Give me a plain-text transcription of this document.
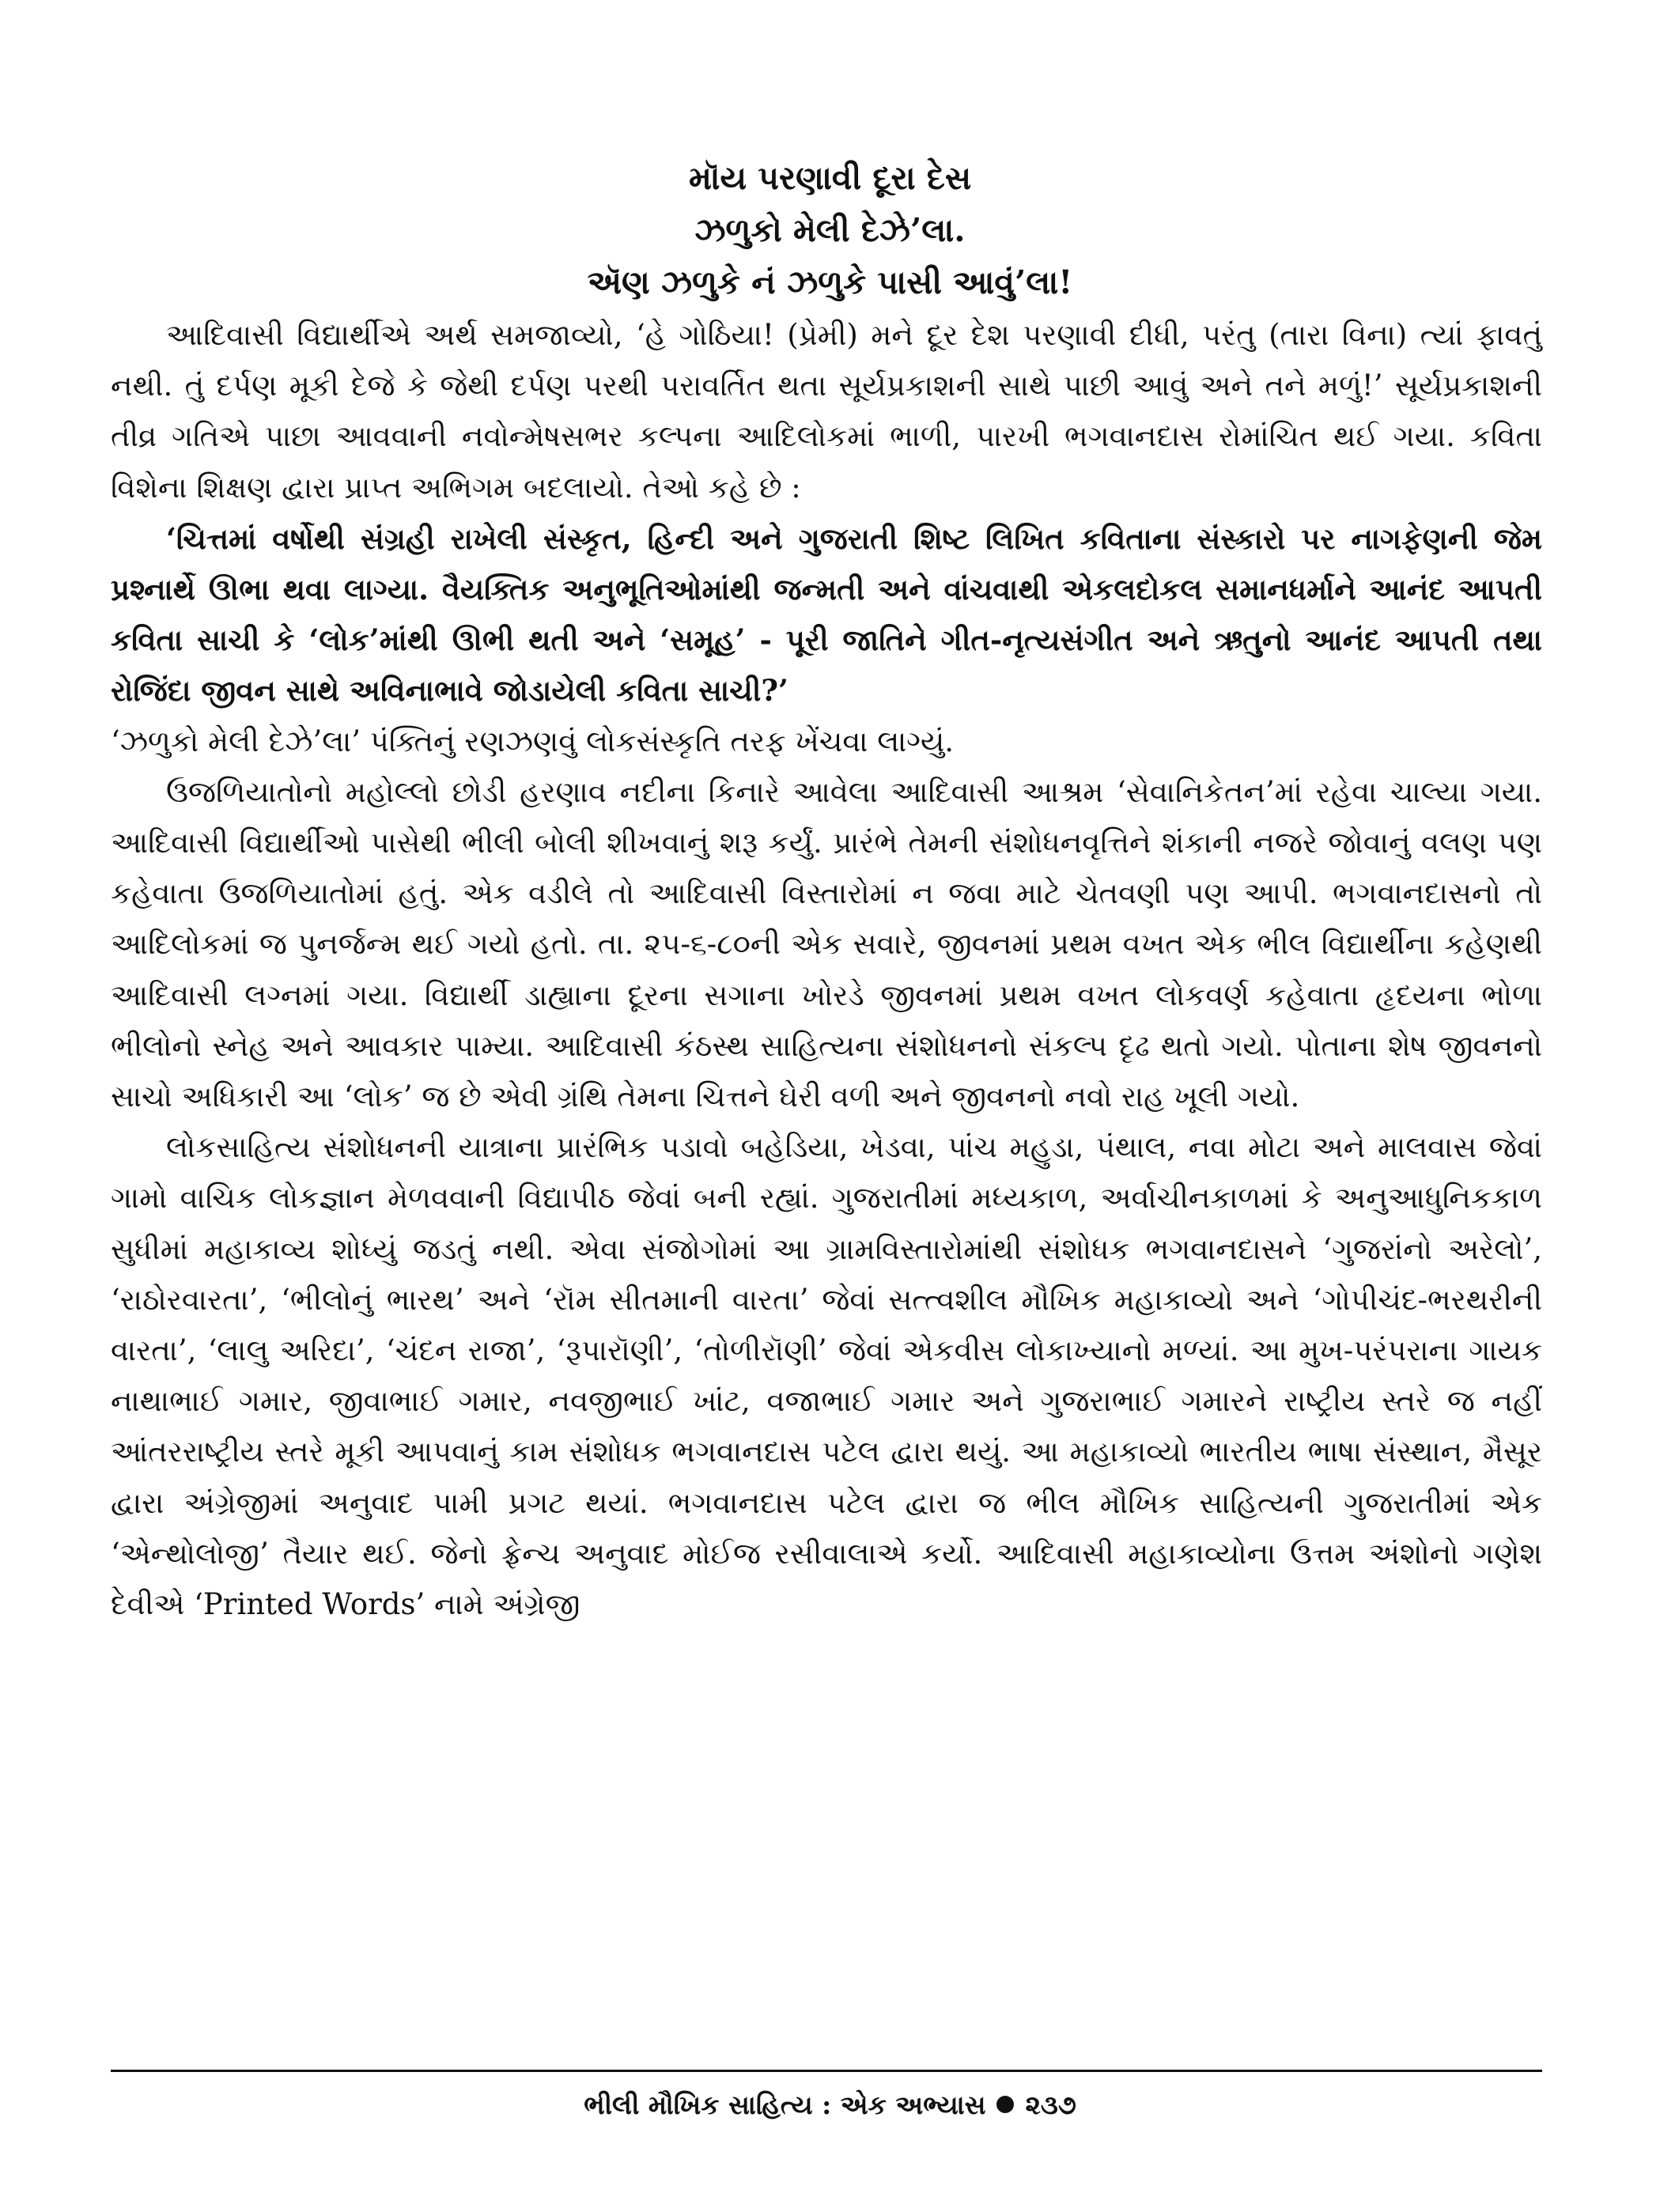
મૉય પરણાવી દૂરા દેસ
ઝળુકો મેલી દેઝે’લા.
ઍણ ઝળુકે નં ઝળુકે પાસી આવું’લા!

આદિવાસી વિદ્યાર્થીએ અર્થ સમજાવ્યો, ‘હે ગોઠિયા! (પ્રેમી) મને દૂર દેશ પરણાવી દીધી, પરંતુ (તારા વિના) ત્યાં ફાવતું નથી. તું દર્પણ મૂકી દેજે કે જેથી દર્પણ પરથી પરાવર્તિત થતા સૂર્યપ્રકાશની સાથે પાછી આવું અને તને મળું!’ સૂર્યપ્રકાશની તીવ્ર ગતિએ પાછા આવવાની નવોન્મેષસભર કલ્પના આદિલોકમાં ભાળી, પારખી ભગવાનદાસ રોમાંચિત થઈ ગયા. કવિતા વિશેના શિક્ષણ દ્વારા પ્રાપ્ત અભિગમ બદલાયો. તેઓ કહે છે :

‘ચિત્તમાં વર્ષોથી સંગ્રહી રાખેલી સંસ્કૃત, હિન્દી અને ગુજરાતી શિષ્ટ લિખિત કવિતાના સંસ્કારો પર નાગફેણની જેમ પ્રશ્નાર્થે ઊભા થવા લાગ્યા. વૈયક્તિક અનુભૂતિઓમાંથી જન્મતી અને વાંચવાથી એકલદોકલ સમાનધર્માને આનંદ આપતી કવિતા સાચી કે ‘લોક’માંથી ઊભી થતી અને ‘સમૂહ’ - પૂરી જાતિને ગીત-નૃત્યસંગીત અને ઋતુનો આનંદ આપતી તથા રોજિંદા જીવન સાથે અવિનાભાવે જોડાયેલી કવિતા સાચી?’

‘ઝળુકો મેલી દેઝે’લા’ પંક્તિનું રણઝણવું લોકસંસ્કૃતિ તરફ ખેંચવા લાગ્યું.

ઉજળિયાતોનો મહોલ્લો છોડી હરણાવ નદીના કિનારે આવેલા આદિવાસી આશ્રમ ‘સેવાનિકેતન’માં રહેવા ચાલ્યા ગયા. આદિવાસી વિદ્યાર્થીઓ પાસેથી ભીલી બોલી શીખવાનું શરૂ કર્યું. પ્રારંભે તેમની સંશોધનવૃત્તિને શંકાની નજરે જોવાનું વલણ પણ કહેવાતા ઉજળિયાતોમાં હતું. એક વડીલે તો આદિવાસી વિસ્તારોમાં ન જવા માટે ચેતવણી પણ આપી. ભગવાનદાસનો તો આદિલોકમાં જ પુનર્જન્મ થઈ ગયો હતો. તા. ૨૫-૬-૮૦ની એક સવારે, જીવનમાં પ્રથમ વખત એક ભીલ વિદ્યાર્થીના કહેણથી આદિવાસી લગ્નમાં ગયા. વિદ્યાર્થી ડાહ્યાના દૂરના સગાના ખોરડે જીવનમાં પ્રથમ વખત લોકવર્ણ કહેવાતા હૃદયના ભોળા ભીલોનો સ્નેહ અને આવકાર પામ્યા. આદિવાસી કંઠસ્થ સાહિત્યના સંશોધનનો સંકલ્પ દૃઢ થતો ગયો. પોતાના શેષ જીવનનો સાચો અધિકારી આ ‘લોક’ જ છે એવી ગ્રંથિ તેમના ચિત્તને ઘેરી વળી અને જીવનનો નવો રાહ ખૂલી ગયો.

લોકસાહિત્ય સંશોધનની યાત્રાના પ્રારંભિક પડાવો બહેડિયા, ખેડવા, પાંચ મહુડા, પંથાલ, નવા મોટા અને માલવાસ જેવાં ગામો વાચિક લોકજ્ઞાન મેળવવાની વિદ્યાપીઠ જેવાં બની રહ્યાં. ગુજરાતીમાં મધ્યકાળ, અર્વાચીનકાળમાં કે અનુઆધુનિકકાળ સુધીમાં મહાકાવ્ય શોધ્યું જડતું નથી. એવા સંજોગોમાં આ ગ્રામવિસ્તારોમાંથી સંશોધક ભગવાનદાસને ‘ગુજરાંનો અરેલો’, ‘રાઠોરવારતા’, ‘ભીલોનું ભારથ’ અને ‘રૉમ સીતમાની વારતા’ જેવાં સત્ત્વશીલ મૌખિક મહાકાવ્યો અને ‘ગોપીચંદ-ભરથરીની વારતા’, ‘લાલુ અરિદા’, ‘ચંદન રાજા’, ‘રૂપારૉણી’, ‘તોળીરૉણી’ જેવાં એકવીસ લોકાખ્યાનો મળ્યાં. આ મુખ-પરંપરાના ગાયક નાથાભાઈ ગમાર, જીવાભાઈ ગમાર, નવજીભાઈ ખાંટ, વજાભાઈ ગમાર અને ગુજરાભાઈ ગમારને રાષ્ટ્રીય સ્તરે જ નહીં આંતરરાષ્ટ્રીય સ્તરે મૂકી આપવાનું કામ સંશોધક ભગવાનદાસ પટેલ દ્વારા થયું. આ મહાકાવ્યો ભારતીય ભાષા સંસ્થાન, મૈસૂર દ્વારા અંગ્રેજીમાં અનુવાદ પામી પ્રગટ થયાં. ભગવાનદાસ પટેલ દ્વારા જ ભીલ મૌખિક સાહિત્યની ગુજરાતીમાં એક ‘એન્થોલોજી’ તૈયાર થઈ. જેનો ફ્રેન્ચ અનુવાદ મોઈજ રસીવાલાએ કર્યો. આદિવાસી મહાકાવ્યોના ઉત્તમ અંશોનો ગણેશ દેવીએ ‘Printed Words’ નામે અંગ્રેજી

ભીલી મૌખિક સાહિત્ય : એક અભ્યાસ ૨૩૭
